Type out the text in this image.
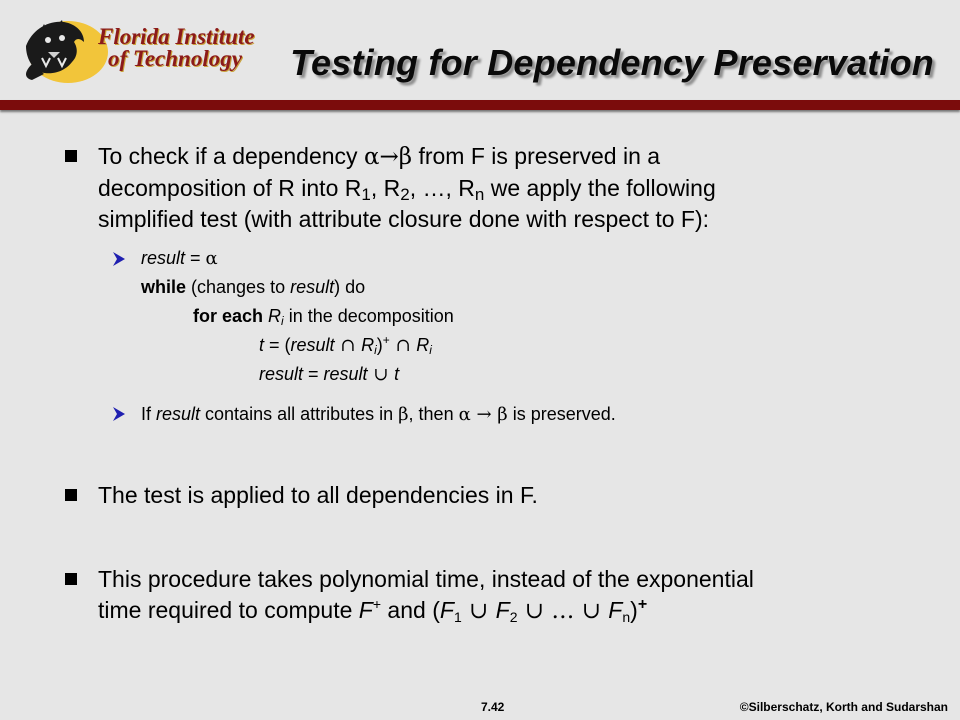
Florida Institute
of Technology	Testing for Dependency Preservation
To check if a dependency α→β from F is preserved in a
decomposition of R into $R_1$, $R_2$, …, $R_n$ we apply the following
simplified test (with attribute closure done with respect to F):
result = α
while (changes to result) do
for each $R_i$ in the decomposition
t = (result ∩ $R_i)^+$ ∩ $R_i$
result = result ∪ t
If result contains all attributes in β, then α → β is preserved.
The test is applied to all dependencies in F.
This procedure takes polynomial time, instead of the exponential
time required to compute F+ and ($F_1$ ∪ $F_2$ ∪ … ∪ $F_n)^+$
7.42	©Silberschatz, Korth and Sudarshan
